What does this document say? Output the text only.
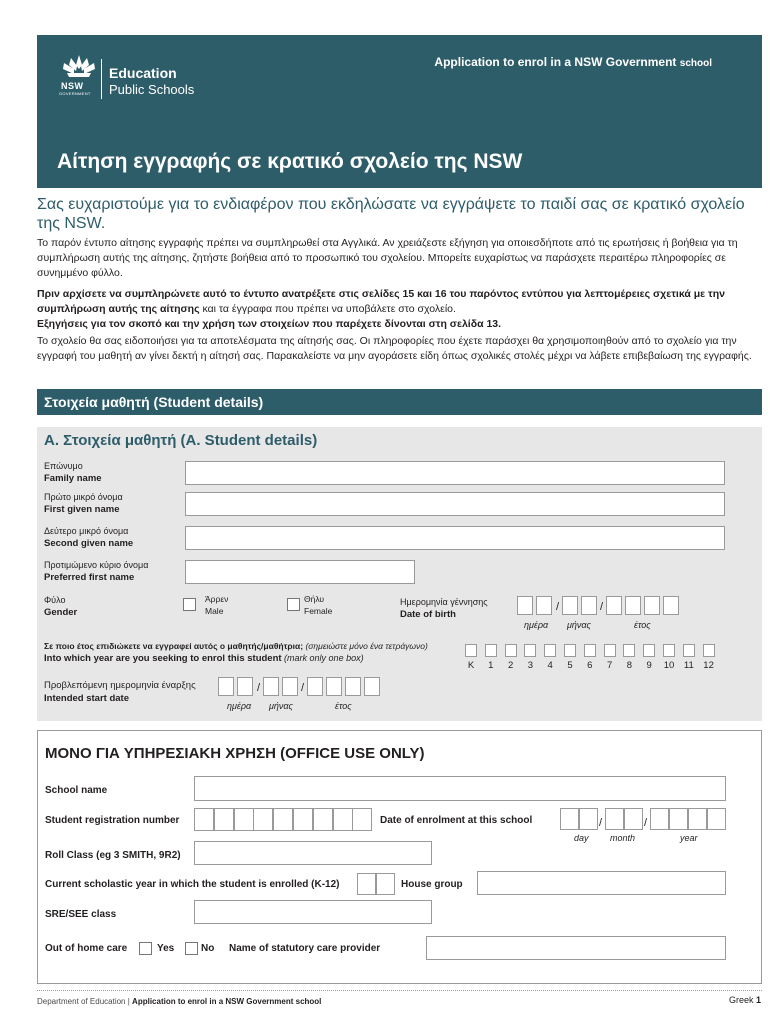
Application to enrol in a NSW Government school
NSW
GOVERNMENT
Education
Public Schools
Αίτηση εγγραφής σε κρατικό σχολείο της NSW
Σας ευχαριστούμε για το ενδιαφέρον που εκδηλώσατε να εγγράψετε το παιδί σας σε κρατικό σχολείο της NSW.
Το παρόν έντυπο αίτησης εγγραφής πρέπει να συμπληρωθεί στα Αγγλικά. Αν χρειάζεστε εξήγηση για οποιεσδήποτε από τις ερωτήσεις ή βοήθεια για τη συμπλήρωση αυτής της αίτησης, ζητήστε βοήθεια από το προσωπικό του σχολείου. Μπορείτε ευχαρίστως να παράσχετε περαιτέρω πληροφορίες σε συνημμένο φύλλο.
Πριν αρχίσετε να συμπληρώνετε αυτό το έντυπο ανατρέξετε στις σελίδες 15 και 16 του παρόντος εντύπου για λεπτομέρειες σχετικά με την συμπλήρωση αυτής της αίτησης και τα έγγραφα που πρέπει να υποβάλετε στο σχολείο.
Εξηγήσεις για τον σκοπό και την χρήση των στοιχείων που παρέχετε δίνονται στη σελίδα 13.
Το σχολείο θα σας ειδοποιήσει για τα αποτελέσματα της αίτησής σας. Οι πληροφορίες που έχετε παράσχει θα χρησιμοποιηθούν από το σχολείο για την εγγραφή του μαθητή αν γίνει δεκτή η αίτησή σας. Παρακαλείστε να μην αγοράσετε είδη όπως σχολικές στολές μέχρι να λάβετε επιβεβαίωση της εγγραφής.
Στοιχεία μαθητή (Student details)
A. Στοιχεία μαθητή (A. Student details)
Επώνυμο
Family name
Πρώτο μικρό όνομα
First given name
Δεύτερο μικρό όνομα
Second given name
Προτιμώμενο κύριο όνομα
Preferred first name
Φύλο
Gender
Άρρεν
Male
Θήλυ
Female
Ημερομηνία γέννησης
Date of birth
/	/
ημέρα μήνας	έτος
Σε ποιο έτος επιδιώκετε να εγγραφεί αυτός ο μαθητής/μαθήτρια; (σημειώστε μόνο ένα τετράγωνο)
Into which year are you seeking to enrol this student (mark only one box)
K	1	2	3	4	5	6	7	8	9	10	11	12
Προβλεπόμενη ημερομηνία έναρξης
Intended start date
/	/
ημέρα μήνας	έτος
ΜΟΝΟ ΓΙΑ ΥΠΗΡΕΣΙΑΚΗ ΧΡΗΣΗ (OFFICE USE ONLY)
School name
Student registration number	Date of enrolment at this school	/	/
day month	year
Roll Class (eg 3 SMITH, 9R2)
Current scholastic year in which the student is enrolled (K-12)	House group
SRE/SEE class
Out of home care	Yes	No Name of statutory care provider
Department of Education | Application to enrol in a NSW Government school	Greek 1
